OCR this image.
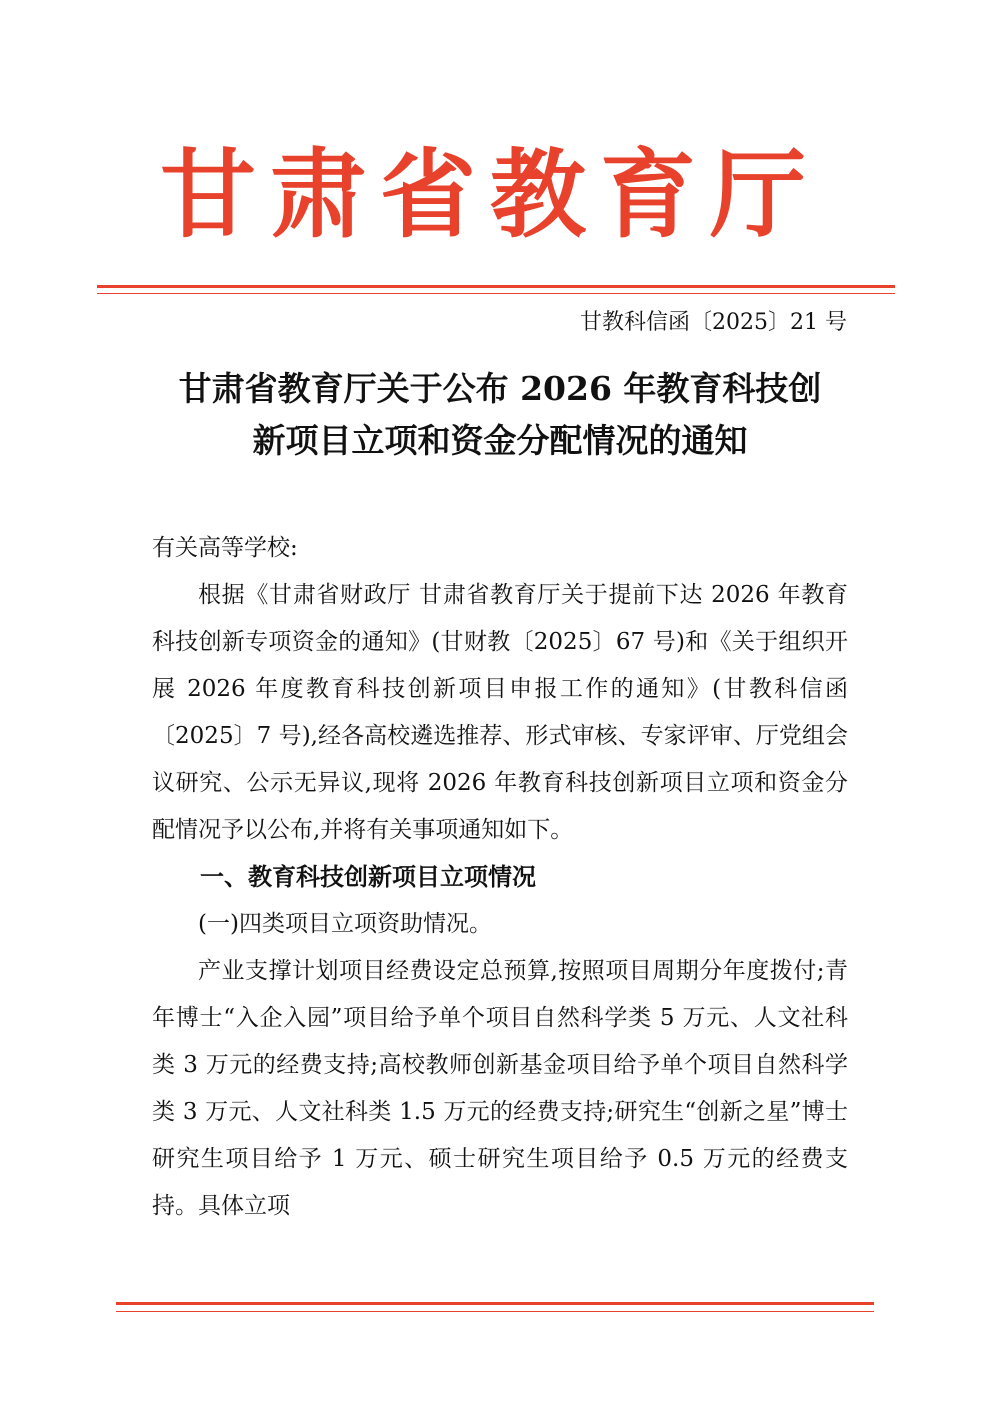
甘肃省教育厅
甘教科信函〔2025〕21 号
甘肃省教育厅关于公布 2026 年教育科技创
新项目立项和资金分配情况的通知

有关高等学校:

根据《甘肃省财政厅 甘肃省教育厅关于提前下达 2026 年教育科技创新专项资金的通知》(甘财教〔2025〕67 号)和《关于组织开展 2026 年度教育科技创新项目申报工作的通知》(甘教科信函〔2025〕7 号),经各高校遴选推荐、形式审核、专家评审、厅党组会议研究、公示无异议,现将 2026 年教育科技创新项目立项和资金分配情况予以公布,并将有关事项通知如下。

一、教育科技创新项目立项情况

(一)四类项目立项资助情况。

产业支撑计划项目经费设定总预算,按照项目周期分年度拨付;青年博士“入企入园”项目给予单个项目自然科学类 5 万元、人文社科类 3 万元的经费支持;高校教师创新基金项目给予单个项目自然科学类 3 万元、人文社科类 1.5 万元的经费支持;研究生“创新之星”博士研究生项目给予 1 万元、硕士研究生项目给予 0.5 万元的经费支持。具体立项
